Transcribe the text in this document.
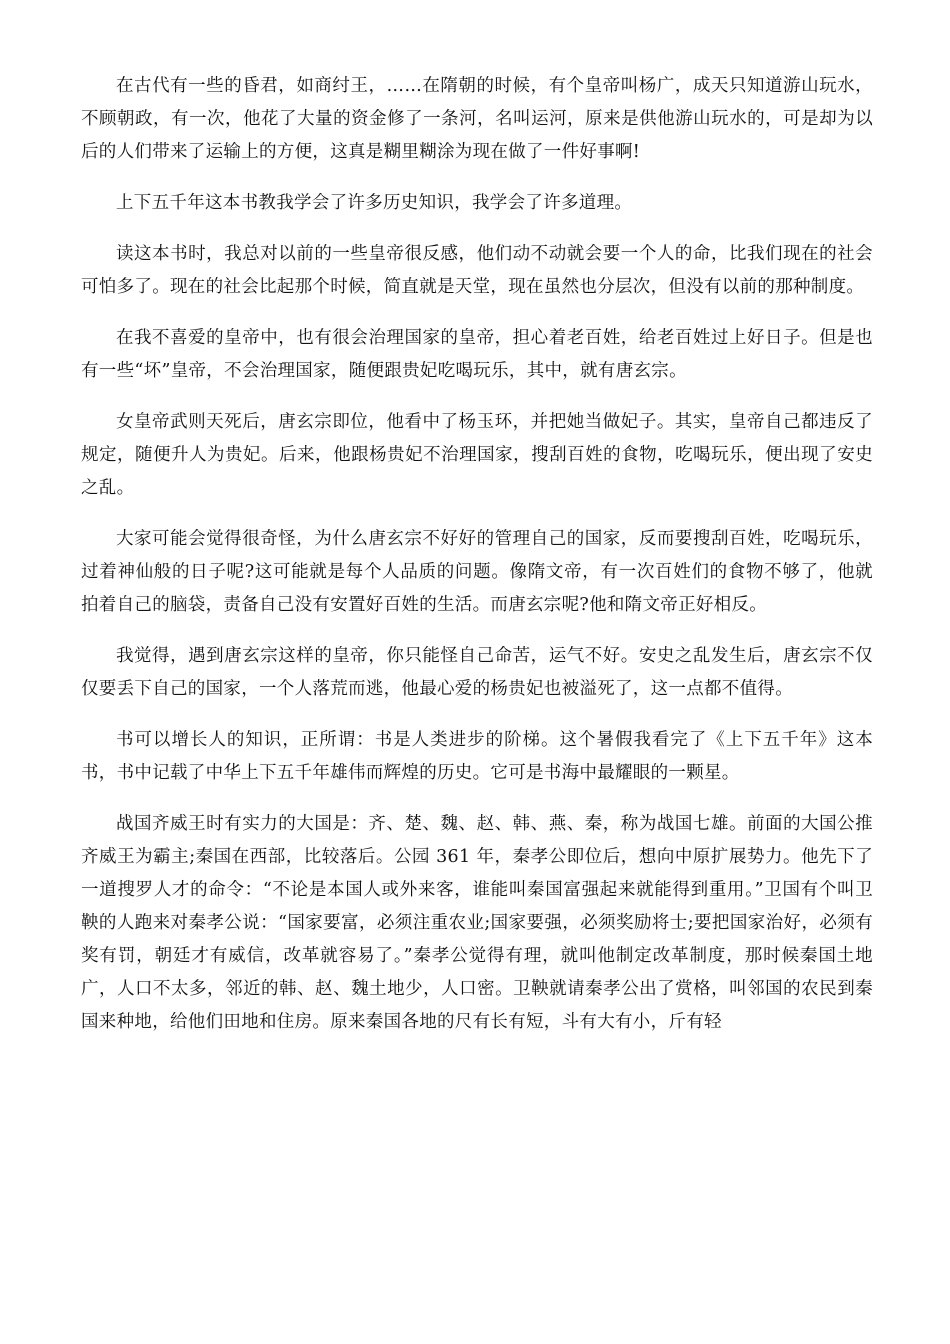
在古代有一些的昏君，如商纣王，……在隋朝的时候，有个皇帝叫杨广，成天只知道游山玩水，不顾朝政，有一次，他花了大量的资金修了一条河，名叫运河，原来是供他游山玩水的，可是却为以后的人们带来了运输上的方便，这真是糊里糊涂为现在做了一件好事啊!

上下五千年这本书教我学会了许多历史知识，我学会了许多道理。

读这本书时，我总对以前的一些皇帝很反感，他们动不动就会要一个人的命，比我们现在的社会可怕多了。现在的社会比起那个时候，简直就是天堂，现在虽然也分层次，但没有以前的那种制度。

在我不喜爱的皇帝中，也有很会治理国家的皇帝，担心着老百姓，给老百姓过上好日子。但是也有一些“坏”皇帝，不会治理国家，随便跟贵妃吃喝玩乐，其中，就有唐玄宗。

女皇帝武则天死后，唐玄宗即位，他看中了杨玉环，并把她当做妃子。其实，皇帝自己都违反了规定，随便升人为贵妃。后来，他跟杨贵妃不治理国家，搜刮百姓的食物，吃喝玩乐，便出现了安史之乱。

大家可能会觉得很奇怪，为什么唐玄宗不好好的管理自己的国家，反而要搜刮百姓，吃喝玩乐，过着神仙般的日子呢?这可能就是每个人品质的问题。像隋文帝，有一次百姓们的食物不够了，他就拍着自己的脑袋，责备自己没有安置好百姓的生活。而唐玄宗呢?他和隋文帝正好相反。

我觉得，遇到唐玄宗这样的皇帝，你只能怪自己命苦，运气不好。安史之乱发生后，唐玄宗不仅仅要丢下自己的国家，一个人落荒而逃，他最心爱的杨贵妃也被溢死了，这一点都不值得。

书可以增长人的知识，正所谓：书是人类进步的阶梯。这个暑假我看完了《上下五千年》这本书，书中记载了中华上下五千年雄伟而辉煌的历史。它可是书海中最耀眼的一颗星。

战国齐威王时有实力的大国是：齐、楚、魏、赵、韩、燕、秦，称为战国七雄。前面的大国公推齐威王为霸主;秦国在西部，比较落后。公园 361 年，秦孝公即位后，想向中原扩展势力。他先下了一道搜罗人才的命令：“不论是本国人或外来客，谁能叫秦国富强起来就能得到重用。”卫国有个叫卫鞅的人跑来对秦孝公说：“国家要富，必须注重农业;国家要强，必须奖励将士;要把国家治好，必须有奖有罚，朝廷才有威信，改革就容易了。”秦孝公觉得有理，就叫他制定改革制度，那时候秦国土地广，人口不太多，邻近的韩、赵、魏土地少，人口密。卫鞅就请秦孝公出了赏格，叫邻国的农民到秦国来种地，给他们田地和住房。原来秦国各地的尺有长有短，斗有大有小，斤有轻
